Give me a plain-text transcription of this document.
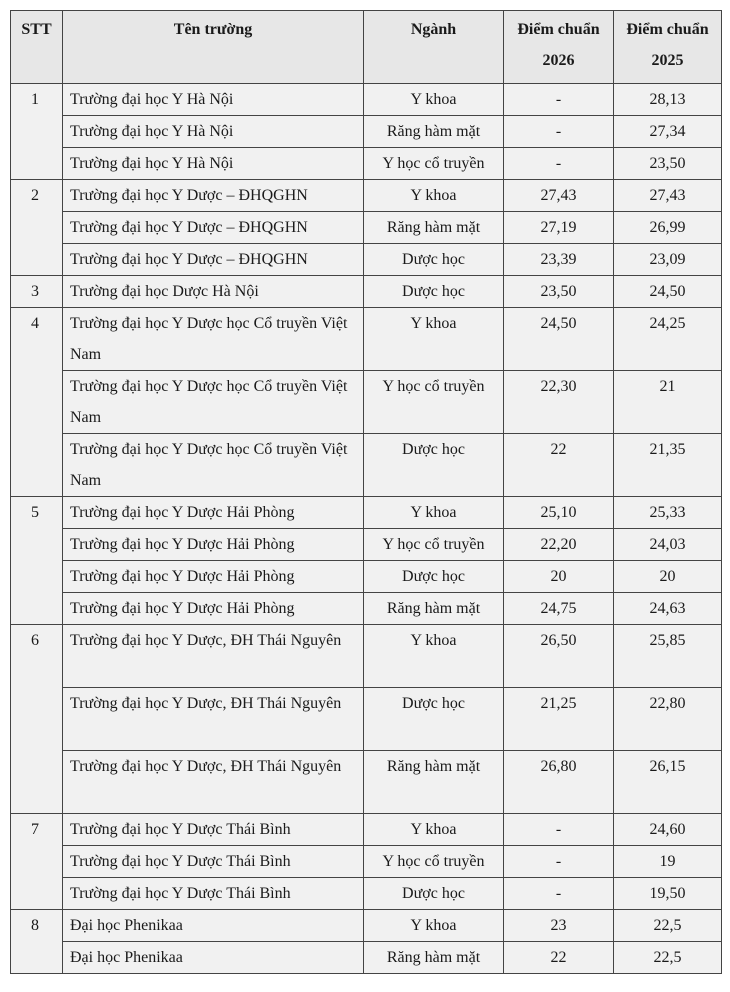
STT	Tên trường	Ngành	Điểm chuẩn 2026	Điểm chuẩn 2025
1	Trường đại học Y Hà Nội	Y khoa	-	28,13
	Trường đại học Y Hà Nội	Răng hàm mặt	-	27,34
	Trường đại học Y Hà Nội	Y học cổ truyền	-	23,50
2	Trường đại học Y Dược – ĐHQGHN	Y khoa	27,43	27,43
	Trường đại học Y Dược – ĐHQGHN	Răng hàm mặt	27,19	26,99
	Trường đại học Y Dược – ĐHQGHN	Dược học	23,39	23,09
3	Trường đại học Dược Hà Nội	Dược học	23,50	24,50
4	Trường đại học Y Dược học Cổ truyền Việt Nam	Y khoa	24,50	24,25
	Trường đại học Y Dược học Cổ truyền Việt Nam	Y học cổ truyền	22,30	21
	Trường đại học Y Dược học Cổ truyền Việt Nam	Dược học	22	21,35
5	Trường đại học Y Dược Hải Phòng	Y khoa	25,10	25,33
	Trường đại học Y Dược Hải Phòng	Y học cổ truyền	22,20	24,03
	Trường đại học Y Dược Hải Phòng	Dược học	20	20
	Trường đại học Y Dược Hải Phòng	Răng hàm mặt	24,75	24,63
6	Trường đại học Y Dược, ĐH Thái Nguyên	Y khoa	26,50	25,85
	Trường đại học Y Dược, ĐH Thái Nguyên	Dược học	21,25	22,80
	Trường đại học Y Dược, ĐH Thái Nguyên	Răng hàm mặt	26,80	26,15
7	Trường đại học Y Dược Thái Bình	Y khoa	-	24,60
	Trường đại học Y Dược Thái Bình	Y học cổ truyền	-	19
	Trường đại học Y Dược Thái Bình	Dược học	-	19,50
8	Đại học Phenikaa	Y khoa	23	22,5
	Đại học Phenikaa	Răng hàm mặt	22	22,5
